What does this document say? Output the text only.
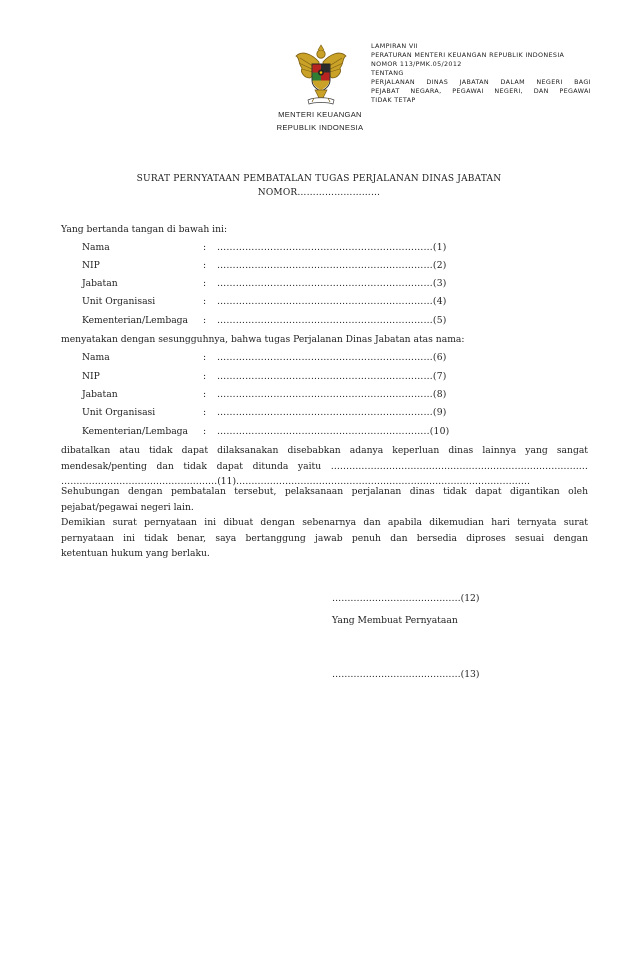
MENTERI KEUANGAN
REPUBLIK INDONESIA
LAMPIRAN VII
PERATURAN MENTERI KEUANGAN REPUBLIK INDONESIA
NOMOR 113/PMK.05/2012
TENTANG
PERJALANAN DINAS JABATAN DALAM NEGERI BAGI
PEJABAT NEGARA, PEGAWAI NEGERI, DAN PEGAWAI
TIDAK TETAP
SURAT PERNYATAAN PEMBATALAN TUGAS PERJALANAN DINAS JABATAN
NOMOR………………………
Yang bertanda tangan di bawah ini:
Nama	: ……………………………………………………………(1)
NIP	: ……………………………………………………………(2)
Jabatan	: ……………………………………………………………(3)
Unit Organisasi	: ……………………………………………………………(4)
Kementerian/Lembaga : ……………………………………………………………(5)
menyatakan dengan sesungguhnya, bahwa tugas Perjalanan Dinas Jabatan atas nama:
Nama	: ……………………………………………………………(6)
NIP	: ……………………………………………………………(7)
Jabatan	: ……………………………………………………………(8)
Unit Organisasi	: ……………………………………………………………(9)
Kementerian/Lembaga : …………………………………………………………..(10)
dibatalkan atau tidak dapat dilaksanakan disebabkan adanya keperluan dinas lainnya yang sangat
mendesak/penting dan tidak dapat ditunda yaitu …………………………………………………………………………
……………………………………………(11)……………………………………………………………………………………
Sehubungan dengan pembatalan tersebut, pelaksanaan perjalanan dinas tidak dapat digantikan oleh
pejabat/pegawai negeri lain.
Demikian surat pernyataan ini dibuat dengan sebenarnya dan apabila dikemudian hari ternyata surat
pernyataan ini tidak benar, saya bertanggung jawab penuh dan bersedia diproses sesuai dengan
ketentuan hukum yang berlaku.
……………………………………(12)
Yang Membuat Pernyataan
……………………………………(13)
